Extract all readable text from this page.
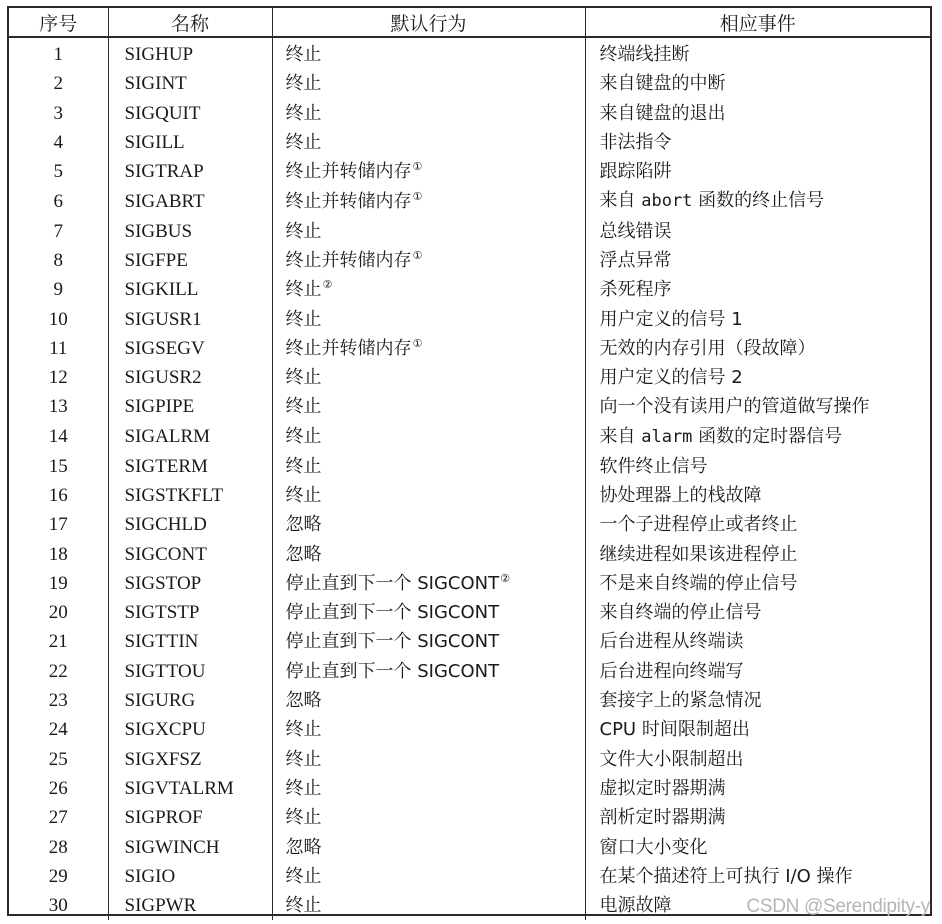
序号	名称	默认行为	相应事件
1	SIGHUP	终止	终端线挂断
2	SIGINT	终止	来自键盘的中断
3	SIGQUIT	终止	来自键盘的退出
4	SIGILL	终止	非法指令
5	SIGTRAP	终止并转储内存①	跟踪陷阱
6	SIGABRT	终止并转储内存①	来自 abort 函数的终止信号
7	SIGBUS	终止	总线错误
8	SIGFPE	终止并转储内存①	浮点异常
9	SIGKILL	终止②	杀死程序
10	SIGUSR1	终止	用户定义的信号 1
11	SIGSEGV	终止并转储内存①	无效的内存引用（段故障）
12	SIGUSR2	终止	用户定义的信号 2
13	SIGPIPE	终止	向一个没有读用户的管道做写操作
14	SIGALRM	终止	来自 alarm 函数的定时器信号
15	SIGTERM	终止	软件终止信号
16	SIGSTKFLT	终止	协处理器上的栈故障
17	SIGCHLD	忽略	一个子进程停止或者终止
18	SIGCONT	忽略	继续进程如果该进程停止
19	SIGSTOP	停止直到下一个 SIGCONT②	不是来自终端的停止信号
20	SIGTSTP	停止直到下一个 SIGCONT	来自终端的停止信号
21	SIGTTIN	停止直到下一个 SIGCONT	后台进程从终端读
22	SIGTTOU	停止直到下一个 SIGCONT	后台进程向终端写
23	SIGURG	忽略	套接字上的紧急情况
24	SIGXCPU	终止	CPU 时间限制超出
25	SIGXFSZ	终止	文件大小限制超出
26	SIGVTALRM	终止	虚拟定时器期满
27	SIGPROF	终止	剖析定时器期满
28	SIGWINCH	忽略	窗口大小变化
29	SIGIO	终止	在某个描述符上可执行 I/O 操作
30	SIGPWR	终止	电源故障	CSDN @Serendipity-y
